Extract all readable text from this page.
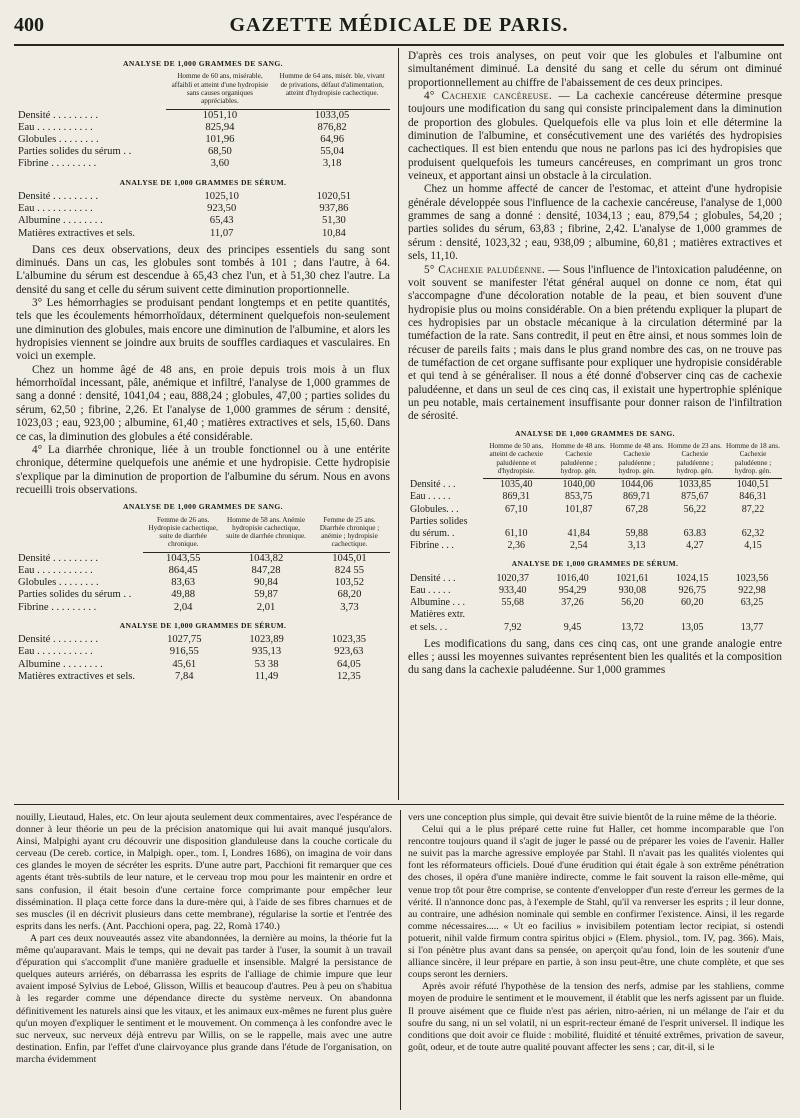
400	GAZETTE MÉDICALE DE PARIS.
ANALYSE DE 1,000 GRAMMES DE SANG.
	Homme de 60 ans, misérable, affaibli et atteint d'une hydropisie sans causes organiques appréciables.	Homme de 64 ans, misér. ble, vivant de privations, défaut d'alimentation, atteint d'hydropisie cachectique.
Densité . . . . . . . . .	1051,10	1033,05
Eau . . . . . . . . . . .	825,94	876,82
Globules . . . . . . . .	101,96	64,96
Parties solides du sérum . .	68,50	55,04
Fibrine . . . . . . . . .	3,60	3,18
ANALYSE DE 1,000 GRAMMES DE SÉRUM.
Densité . . . . . . . . .	1025,10	1020,51
Eau . . . . . . . . . . .	923,50	937,86
Albumine . . . . . . . .	65,43	51,30
Matières extractives et sels.	11,07	10,84

Dans ces deux observations, deux des principes essentiels du sang sont diminués. Dans un cas, les globules sont tombés à 101 ; dans l'autre, à 64. L'albumine du sérum est descendue à 65,43 chez l'un, et à 51,30 chez l'autre. La densité du sang et celle du sérum suivent cette diminution proportionnelle.

3° Les hémorrhagies se produisant pendant longtemps et en petite quantités, tels que les écoulements hémorrhoïdaux, déterminent quelquefois non-seulement une diminution des globules, mais encore une diminution de l'albumine, et alors les hydropisies viennent se joindre aux bruits de souffles cardiaques et vasculaires. En voici un exemple.

Chez un homme âgé de 48 ans, en proie depuis trois mois à un flux hémorrhoïdal incessant, pâle, anémique et infiltré, l'analyse de 1,000 grammes de sang a donné : densité, 1041,04 ; eau, 888,24 ; globules, 47,00 ; parties solides du sérum, 62,50 ; fibrine, 2,26. Et l'analyse de 1,000 grammes de sérum : densité, 1023,03 ; eau, 923,00 ; albumine, 61,40 ; matières extractives et sels, 15,60. Dans ce cas, la diminution des globules a été considérable.

4° La diarrhée chronique, liée à un trouble fonctionnel ou à une entérite chronique, détermine quelquefois une anémie et une hydropisie. Cette hydropisie s'explique par la diminution de proportion de l'albumine du sérum. Nous en avons recueilli trois observations.

ANALYSE DE 1,000 GRAMMES DE SANG.
	Femme de 26 ans. Hydropisie cachectique, suite de diarrhée chronique.	Homme de 58 ans. Anémie hydropisie cachectique, suite de diarrhée chronique.	Femme de 25 ans. Diarrhée chronique ; anémie ; hydropisie cachectique.
Densité . . . . . . . . .	1043,55	1043,82	1045,01
Eau . . . . . . . . . . .	864,45	847,28	824 55
Globules . . . . . . . .	83,63	90,84	103,52
Parties solides du sérum . .	49,88	59,87	68,20
Fibrine . . . . . . . . .	2,04	2,01	3,73
ANALYSE DE 1,000 GRAMMES DE SÉRUM.
Densité . . . . . . . . .	1027,75	1023,89	1023,35
Eau . . . . . . . . . . .	916,55	935,13	923,63
Albumine . . . . . . . .	45,61	53 38	64,05
Matières extractives et sels.	7,84	11,49	12,35

D'après ces trois analyses, on peut voir que les globules et l'albumine ont simultanément diminué. La densité du sang et celle du sérum ont diminué proportionnellement au chiffre de l'abaissement de ces deux principes.

4° Cachexie cancéreuse. — La cachexie cancéreuse détermine presque toujours une modification du sang qui consiste principalement dans la diminution de proportion des globules. Quelquefois elle va plus loin et elle détermine la diminution de l'albumine, et consécutivement une des variétés des hydropisies cachectiques. Il est bien entendu que nous ne parlons pas ici des hydropisies que produisent quelquefois les tumeurs cancéreuses, en comprimant un gros tronc veineux, et apportant ainsi un obstacle à la circulation.

Chez un homme affecté de cancer de l'estomac, et atteint d'une hydropisie générale développée sous l'influence de la cachexie cancéreuse, l'analyse de 1,000 grammes de sang a donné : densité, 1034,13 ; eau, 879,54 ; globules, 54,20 ; parties solides du sérum, 63,83 ; fibrine, 2,42. L'analyse de 1,000 grammes de sérum : densité, 1023,32 ; eau, 938,09 ; albumine, 60,81 ; matières extractives et sels, 11,10.

5° Cachexie paludéenne. — Sous l'influence de l'intoxication paludéenne, on voit souvent se manifester l'état général auquel on donne ce nom, état qui s'accompagne d'une décoloration notable de la peau, et bien souvent d'une hydropisie plus ou moins considérable. On a bien prétendu expliquer la plupart de ces hydropisies par un obstacle mécanique à la circulation déterminé par la tuméfaction de la rate. Sans contredit, il peut en être ainsi, et nous sommes loin de récuser de pareils faits ; mais dans le plus grand nombre des cas, on ne trouve pas de tuméfaction de cet organe suffisante pour expliquer une hydropisie considérable et qui tend à se généraliser. Il nous a été donné d'observer cinq cas de cachexie paludéenne, et dans un seul de ces cinq cas, il existait une hypertrophie splénique un peu notable, mais certainement insuffisante pour donner raison de l'infiltration de sérosité.

ANALYSE DE 1,000 GRAMMES DE SANG.
	Homme de 50 ans, atteint de cachexie paludéenne et d'hydropisie.	Homme de 48 ans. Cachexie paludéenne ; hydrop. gén.	Homme de 48 ans. Cachexie paludéenne ; hydrop. gén.	Homme de 23 ans. Cachexie paludéenne ; hydrop. gén.	Homme de 18 ans. Cachexie paludéenne ; hydrop. gén.
Densité . . .	1035,40	1040,00	1044,06	1033,85	1040,51
Eau . . . . .	869,31	853,75	869,71	875,67	846,31
Globules. . .	67,10	101,87	67,28	56,22	87,22
Parties solides					
du sérum. .	61,10	41,84	59,88	63.83	62,32
Fibrine . . .	2,36	2,54	3,13	4,27	4,15
ANALYSE DE 1,000 GRAMMES DE SÉRUM.
Densité . . .	1020,37	1016,40	1021,61	1024,15	1023,56
Eau . . . . .	933,40	954,29	930,08	926,75	922,98
Albumine . . .	55,68	37,26	56,20	60,20	63,25
Matières extr.					
et sels. . .	7,92	9,45	13,72	13,05	13,77

Les modifications du sang, dans ces cinq cas, ont une grande analogie entre elles ; aussi les moyennes suivantes représentent bien les qualités et la composition du sang dans la cachexie paludéenne. Sur 1,000 grammes

nouilly, Lieutaud, Hales, etc. On leur ajouta seulement deux commentaires, avec l'espérance de donner à leur théorie un peu de la précision anatomique qui lui avait manqué jusqu'alors. Ainsi, Malpighi ayant cru découvrir une disposition glanduleuse dans la couche corticale du cerveau (De cereb. cortice, in Malpigh. oper., tom. I, Londres 1686), on imagina de voir dans ces glandes le moyen de sécréter les esprits. D'une autre part, Pacchioni fit remarquer que ces agents étant très-subtils de leur nature, et le cerveau trop mou pour les maintenir en ordre et sans confusion, il était besoin d'une certaine force comprimante pour empêcher leur dissémination. Il plaça cette force dans la dure-mère qui, à l'aide de ses fibres charnues et de ses muscles (il en décrivit plusieurs dans cette membrane), régularise la sortie et l'entrée des esprits dans les nerfs. (Ant. Pacchioni opera, pag. 22, Romà 1740.)

A part ces deux nouveautés assez vite abandonnées, la dernière au moins, la théorie fut la même qu'auparavant. Mais le temps, qui ne devait pas tarder à l'user, la soumit à un travail d'épuration qui s'accomplit d'une manière graduelle et insensible. Malgré la persistance de quelques auteurs arriérés, on débarrassa les esprits de l'alliage de chimie impure que leur avaient imposé Sylvius de Leboé, Glisson, Willis et beaucoup d'autres. Peu à peu on s'habitua à les regarder comme une dépendance directe du système nerveux. On abandonna définitivement les naturels ainsi que les vitaux, et les animaux eux-mêmes ne furent plus guère qu'un moyen d'expliquer le sentiment et le mouvement. On commença à les confondre avec le suc nerveux, suc nerveux déjà entrevu par Willis, on se le rappelle, mais avec une autre destination. Enfin, par l'effet d'une clairvoyance plus grande dans l'étude de l'organisation, on marcha évidemment

vers une conception plus simple, qui devait être suivie bientôt de la ruine même de la théorie.

Celui qui a le plus préparé cette ruine fut Haller, cet homme incomparable que l'on rencontre toujours quand il s'agit de juger le passé ou de préparer les voies de l'avenir. Haller ne suivit pas la marche agressive employée par Stahl. Il n'avait pas les qualités violentes qui font les réformateurs officiels. Doué d'une érudition qui était égale à son extrême pénétration des choses, il opéra d'une manière indirecte, comme le fait souvent la raison elle-même, qui venue trop tôt pour être comprise, se contente d'envelopper d'un reste d'erreur les germes de la vérité. Il n'annonce donc pas, à l'exemple de Stahl, qu'il va renverser les esprits ; il leur donne, au contraire, une adhésion nominale qui semble en confirmer l'existence. Ainsi, il les regarde comme nécessaires..... « Ut eo facilius » invisibilem potentiam lector recipiat, si ostendi potuerit, nihil valde firmum contra spiritus objici » (Elem. physiol., tom. IV, pag. 366). Mais, si l'on pénètre plus avant dans sa pensée, on aperçoit qu'au fond, loin de les soutenir d'une alliance sincère, il leur prépare en partie, à son insu peut-être, une chute complète, et que ses coups seront les derniers.

Après avoir réfuté l'hypothèse de la tension des nerfs, admise par les stahliens, comme moyen de produire le sentiment et le mouvement, il établit que les nerfs agissent par un fluide. Il prouve aisément que ce fluide n'est pas aérien, nitro-aérien, ni un mélange de l'air et du soufre du sang, ni un sel volatil, ni un esprit-recteur émané de l'esprit universel. Il indique les conditions que doit avoir ce fluide : mobilité, fluidité et ténuité extrêmes, privation de saveur, goût, odeur, et de toute autre qualité pouvant affecter les sens ; car, dit-il, si le
